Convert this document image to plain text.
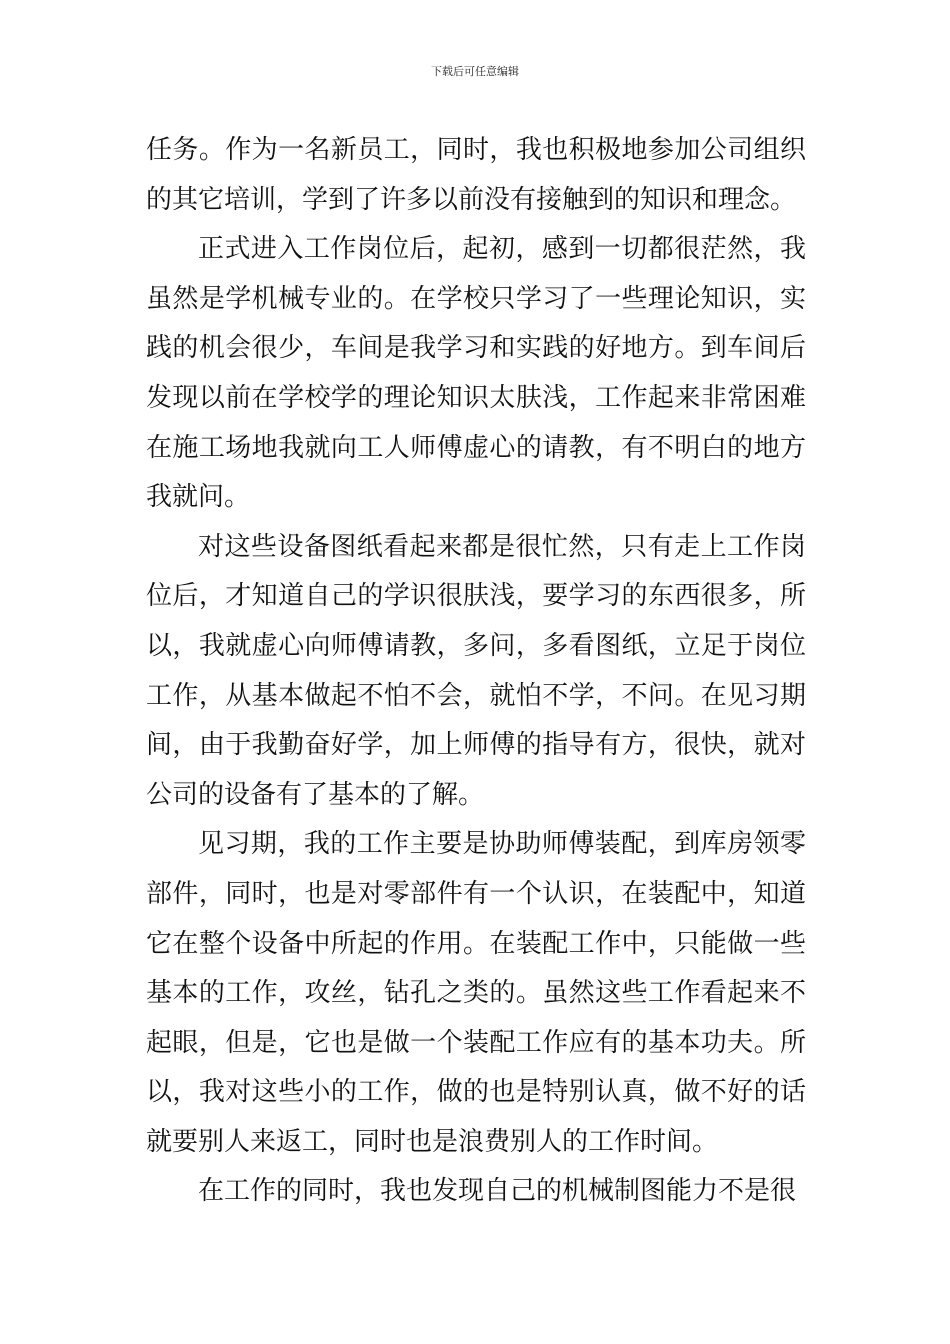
下载后可任意编辑

任务。作为一名新员工，同时，我也积极地参加公司组织的其它培训，学到了许多以前没有接触到的知识和理念。

正式进入工作岗位后，起初，感到一切都很茫然，我虽然是学机械专业的。在学校只学习了一些理论知识，实践的机会很少，车间是我学习和实践的好地方。到车间后发现以前在学校学的理论知识太肤浅，工作起来非常困难在施工场地我就向工人师傅虚心的请教，有不明白的地方我就问。

对这些设备图纸看起来都是很忙然，只有走上工作岗位后，才知道自己的学识很肤浅，要学习的东西很多，所以，我就虚心向师傅请教，多问，多看图纸，立足于岗位工作，从基本做起不怕不会，就怕不学，不问。在见习期间，由于我勤奋好学，加上师傅的指导有方，很快，就对公司的设备有了基本的了解。

见习期，我的工作主要是协助师傅装配，到库房领零部件，同时，也是对零部件有一个认识，在装配中，知道它在整个设备中所起的作用。在装配工作中，只能做一些基本的工作，攻丝，钻孔之类的。虽然这些工作看起来不起眼，但是，它也是做一个装配工作应有的基本功夫。所以，我对这些小的工作，做的也是特别认真，做不好的话就要别人来返工，同时也是浪费别人的工作时间。

在工作的同时，我也发现自己的机械制图能力不是很
